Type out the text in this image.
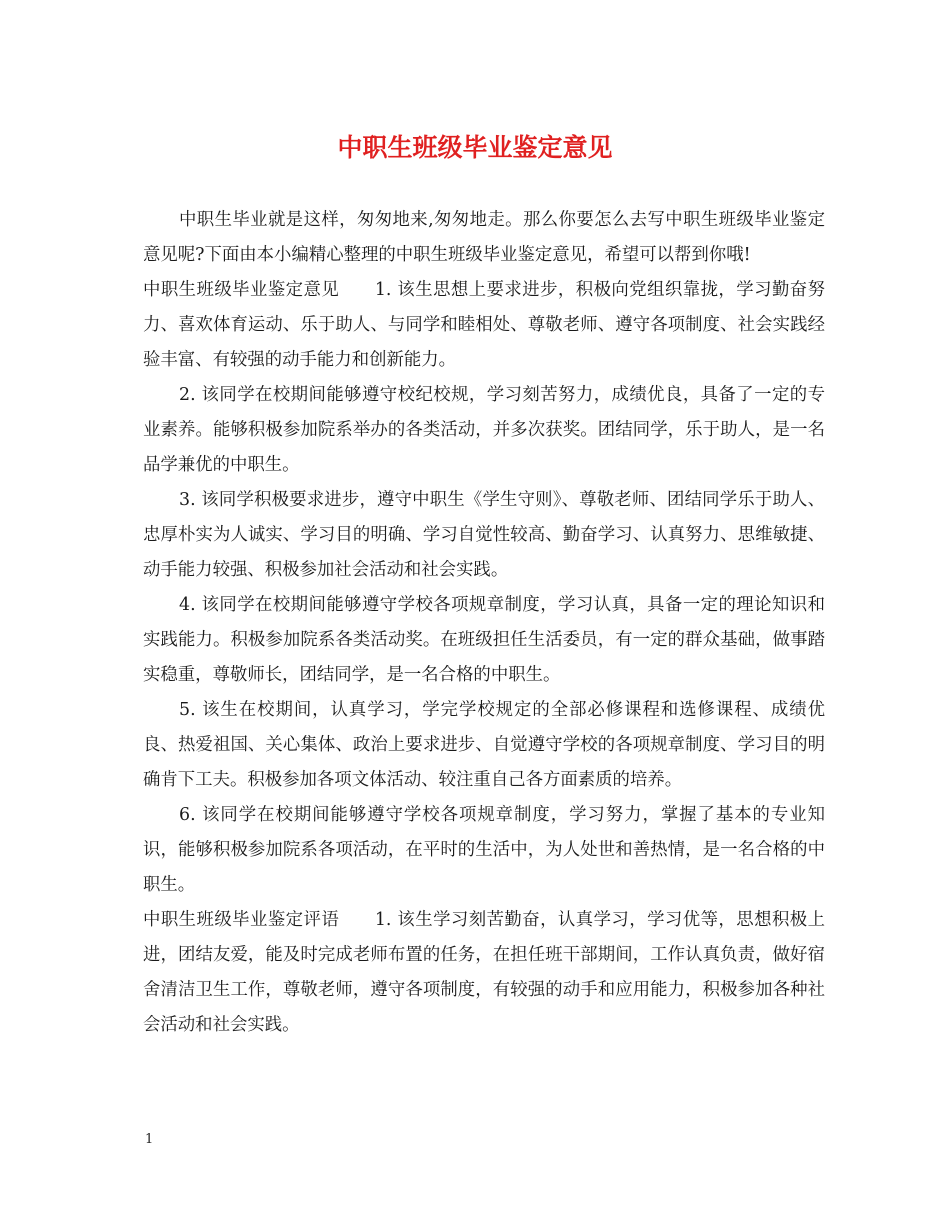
中职生班级毕业鉴定意见

中职生毕业就是这样，匆匆地来,匆匆地走。那么你要怎么去写中职生班级毕业鉴定意见呢?下面由本小编精心整理的中职生班级毕业鉴定意见，希望可以帮到你哦!

中职生班级毕业鉴定意见　　1. 该生思想上要求进步，积极向党组织靠拢，学习勤奋努力、喜欢体育运动、乐于助人、与同学和睦相处、尊敬老师、遵守各项制度、社会实践经验丰富、有较强的动手能力和创新能力。

2. 该同学在校期间能够遵守校纪校规，学习刻苦努力，成绩优良，具备了一定的专业素养。能够积极参加院系举办的各类活动，并多次获奖。团结同学，乐于助人，是一名品学兼优的中职生。

3. 该同学积极要求进步，遵守中职生《学生守则》、尊敬老师、团结同学乐于助人、忠厚朴实为人诚实、学习目的明确、学习自觉性较高、勤奋学习、认真努力、思维敏捷、动手能力较强、积极参加社会活动和社会实践。

4. 该同学在校期间能够遵守学校各项规章制度，学习认真，具备一定的理论知识和实践能力。积极参加院系各类活动奖。在班级担任生活委员，有一定的群众基础，做事踏实稳重，尊敬师长，团结同学，是一名合格的中职生。

5. 该生在校期间，认真学习，学完学校规定的全部必修课程和选修课程、成绩优良、热爱祖国、关心集体、政治上要求进步、自觉遵守学校的各项规章制度、学习目的明确肯下工夫。积极参加各项文体活动、较注重自己各方面素质的培养。

6. 该同学在校期间能够遵守学校各项规章制度，学习努力，掌握了基本的专业知识，能够积极参加院系各项活动，在平时的生活中，为人处世和善热情，是一名合格的中职生。

中职生班级毕业鉴定评语　　1. 该生学习刻苦勤奋，认真学习，学习优等，思想积极上进，团结友爱，能及时完成老师布置的任务，在担任班干部期间，工作认真负责，做好宿舍清洁卫生工作，尊敬老师，遵守各项制度，有较强的动手和应用能力，积极参加各种社会活动和社会实践。

1
